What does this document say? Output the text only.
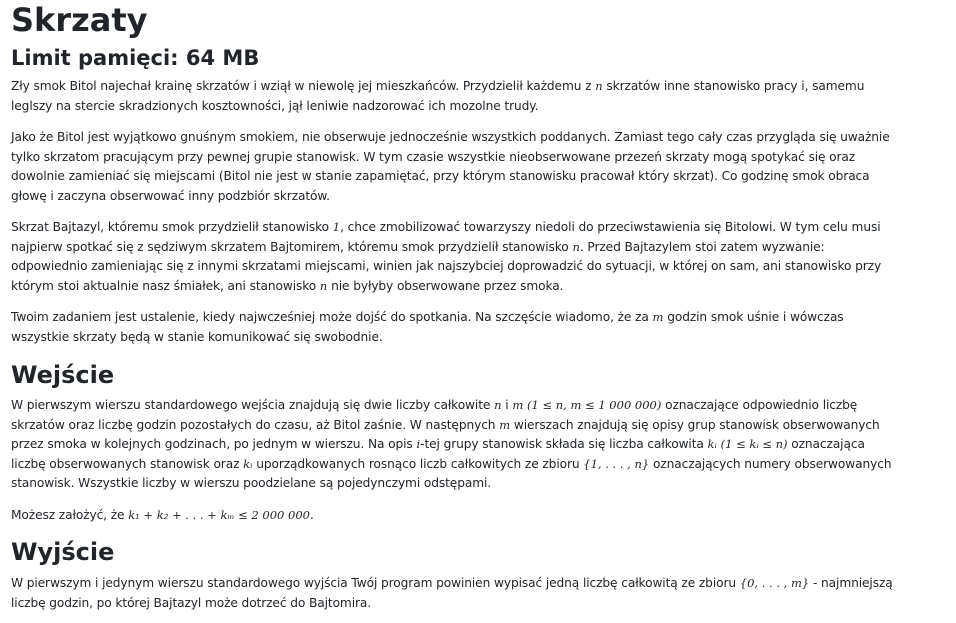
Skrzaty
Limit pamięci: 64 MB

Zły smok Bitol najechał krainę skrzatów i wziął w niewolę jej mieszkańców. Przydzielił każdemu z n skrzatów inne stanowisko pracy i, samemu leglszy na stercie skradzionych kosztowności, jął leniwie nadzorować ich mozolne trudy.

Jako że Bitol jest wyjątkowo gnuśnym smokiem, nie obserwuje jednocześnie wszystkich poddanych. Zamiast tego cały czas przygląda się uważnie tylko skrzatom pracującym przy pewnej grupie stanowisk. W tym czasie wszystkie nieobserwowane przezeń skrzaty mogą spotykać się oraz dowolnie zamieniać się miejscami (Bitol nie jest w stanie zapamiętać, przy którym stanowisku pracował który skrzat). Co godzinę smok obraca głowę i zaczyna obserwować inny podzbiór skrzatów.

Skrzat Bajtazyl, któremu smok przydzielił stanowisko 1, chce zmobilizować towarzyszy niedoli do przeciwstawienia się Bitolowi. W tym celu musi najpierw spotkać się z sędziwym skrzatem Bajtomirem, któremu smok przydzielił stanowisko n. Przed Bajtazylem stoi zatem wyzwanie: odpowiednio zamieniając się z innymi skrzatami miejscami, winien jak najszybciej doprowadzić do sytuacji, w której on sam, ani stanowisko przy którym stoi aktualnie nasz śmiałek, ani stanowisko n nie byłyby obserwowane przez smoka.

Twoim zadaniem jest ustalenie, kiedy najwcześniej może dojść do spotkania. Na szczęście wiadomo, że za m godzin smok uśnie i wówczas wszystkie skrzaty będą w stanie komunikować się swobodnie.

Wejście

W pierwszym wierszu standardowego wejścia znajdują się dwie liczby całkowite n i m (1 ≤ n, m ≤ 1 000 000) oznaczające odpowiednio liczbę skrzatów oraz liczbę godzin pozostałych do czasu, aż Bitol zaśnie. W następnych m wierszach znajdują się opisy grup stanowisk obserwowanych przez smoka w kolejnych godzinach, po jednym w wierszu. Na opis i-tej grupy stanowisk składa się liczba całkowita kᵢ (1 ≤ kᵢ ≤ n) oznaczająca liczbę obserwowanych stanowisk oraz kᵢ uporządkowanych rosnąco liczb całkowitych ze zbioru {1, . . . , n} oznaczających numery obserwowanych stanowisk. Wszystkie liczby w wierszu poodzielane są pojedynczymi odstępami.

Możesz założyć, że k₁ + k₂ + . . . + kₘ ≤ 2 000 000.

Wyjście

W pierwszym i jedynym wierszu standardowego wyjścia Twój program powinien wypisać jedną liczbę całkowitą ze zbioru {0, . . . , m} - najmniejszą liczbę godzin, po której Bajtazyl może dotrzeć do Bajtomira.
